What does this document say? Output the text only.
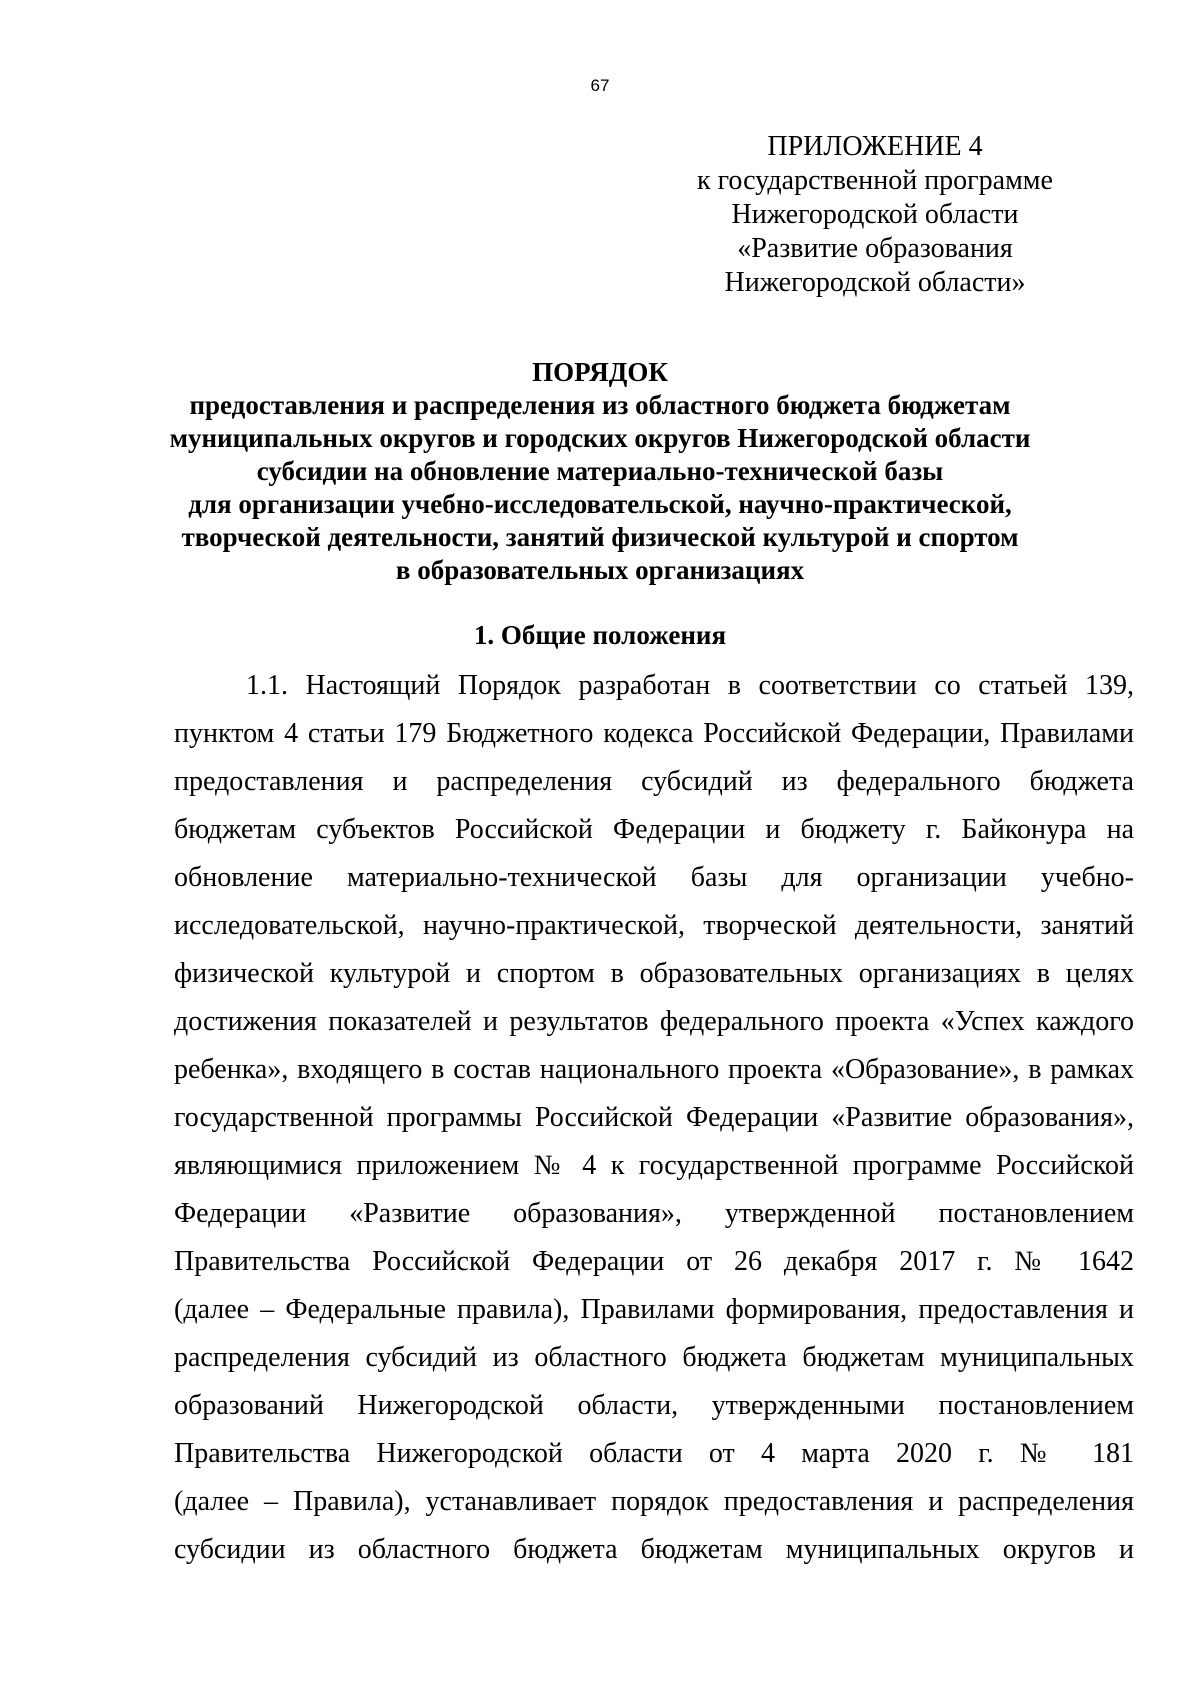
67
ПРИЛОЖЕНИЕ 4
к государственной программе
Нижегородской области
«Развитие образования
Нижегородской области»
ПОРЯДОК
предоставления и распределения из областного бюджета бюджетам
муниципальных округов и городских округов Нижегородской области
субсидии на обновление материально-технической базы
для организации учебно-исследовательской, научно-практической,
творческой деятельности, занятий физической культурой и спортом
в образовательных организациях
1. Общие положения
1.1. Настоящий Порядок разработан в соответствии со статьей 139,
пунктом 4 статьи 179 Бюджетного кодекса Российской Федерации, Правилами
предоставления и распределения субсидий из федерального бюджета
бюджетам субъектов Российской Федерации и бюджету г. Байконура на
обновление материально-технической базы для организации учебно-
исследовательской, научно-практической, творческой деятельности, занятий
физической культурой и спортом в образовательных организациях в целях
достижения показателей и результатов федерального проекта «Успех каждого
ребенка», входящего в состав национального проекта «Образование», в рамках
государственной программы Российской Федерации «Развитие образования»,
являющимися приложением № 4 к государственной программе Российской
Федерации «Развитие образования», утвержденной постановлением
Правительства Российской Федерации от 26 декабря 2017 г. № 1642
(далее – Федеральные правила), Правилами формирования, предоставления и
распределения субсидий из областного бюджета бюджетам муниципальных
образований Нижегородской области, утвержденными постановлением
Правительства Нижегородской области от 4 марта 2020 г. № 181
(далее – Правила), устанавливает порядок предоставления и распределения
субсидии из областного бюджета бюджетам муниципальных округов и
